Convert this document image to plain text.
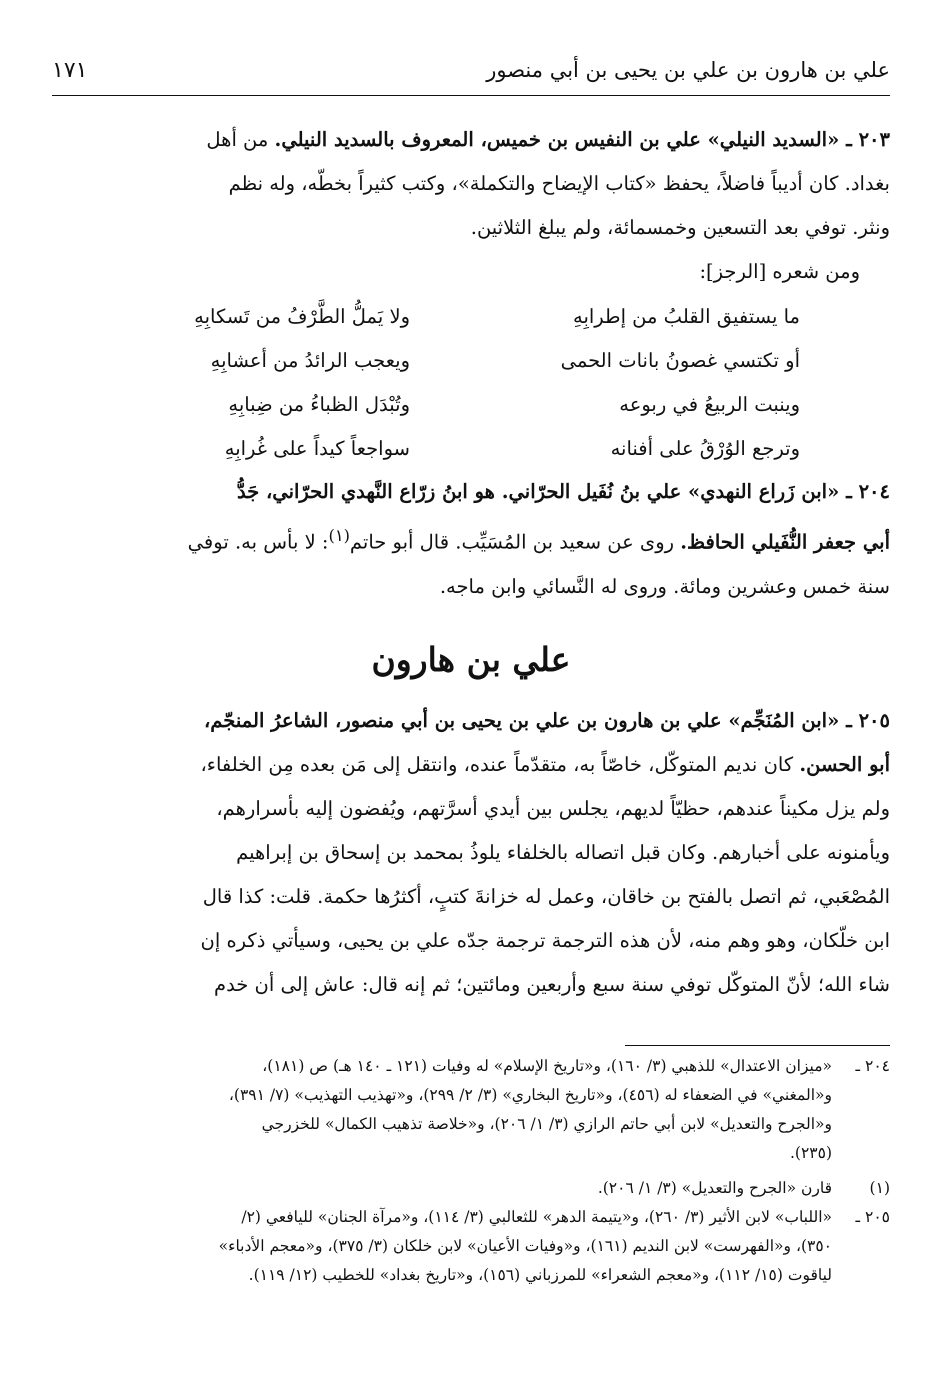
علي بن هارون بن علي بن يحيى بن أبي منصور
١٧١

٢٠٣ ـ «السديد النيلي» علي بن النفيس بن خميس، المعروف بالسديد النيلي. من أهل

بغداد. كان أديباً فاضلاً، يحفظ «كتاب الإيضاح والتكملة»، وكتب كثيراً بخطّه، وله نظم

ونثر. توفي بعد التسعين وخمسمائة، ولم يبلغ الثلاثين.

ومن شعره [الرجز]:

ما يستفيق القلبُ من إطرابِهِ
ولا يَملُّ الطَّرْفُ من تَسكابِهِ
أو تكتسي غصونُ بانات الحمى
ويعجب الرائدُ من أعشابِهِ
وينبت الربيعُ في ربوعه
وتُبْدَل الظباءُ من ضِبابِهِ
وترجع الوُرْقُ على أفنانه
سواجعاً كيداً على غُرابِهِ

٢٠٤ ـ «ابن زَراع النهدي» علي بنُ نُفَيل الحرّاني. هو ابنُ زرّاع النَّهدي الحرّاني، جَدُّ

أبي جعفر النُّفَيلي الحافظ. روى عن سعيد بن المُسَيِّب. قال أبو حاتم$^{(١)}$: لا بأس به. توفي

سنة خمس وعشرين ومائة. وروى له النَّسائي وابن ماجه.

علي بن هارون

٢٠٥ ـ «ابن المُنَجِّم» علي بن هارون بن علي بن يحيى بن أبي منصور، الشاعرُ المنجّم،

أبو الحسن. كان نديم المتوكّل، خاصّاً به، متقدّماً عنده، وانتقل إلى مَن بعده مِن الخلفاء،

ولم يزل مكيناً عندهم، حظيّاً لديهم، يجلس بين أيدي أسرَّتهم، ويُفضون إليه بأسرارهم،

ويأمنونه على أخبارهم. وكان قبل اتصاله بالخلفاء يلوذُ بمحمد بن إسحاق بن إبراهيم

المُصْعَبي، ثم اتصل بالفتح بن خاقان، وعمل له خزانةَ كتبٍ، أكثرُها حكمة. قلت: كذا قال

ابن خلّكان، وهو وهم منه، لأن هذه الترجمة ترجمة جدّه علي بن يحيى، وسيأتي ذكره إن

شاء الله؛ لأنّ المتوكّل توفي سنة سبع وأربعين ومائتين؛ ثم إنه قال: عاش إلى أن خدم

٢٠٤ ـ
«ميزان الاعتدال» للذهبي (٣/ ١٦٠)، و«تاريخ الإسلام» له وفيات (١٢١ ـ ١٤٠ هـ) ص (١٨١)،
و«المغني» في الضعفاء له (٤٥٦)، و«تاريخ البخاري» (٣/ ٢/ ٢٩٩)، و«تهذيب التهذيب» (٧/ ٣٩١)،
و«الجرح والتعديل» لابن أبي حاتم الرازي (٣/ ١/ ٢٠٦)، و«خلاصة تذهيب الكمال» للخزرجي
(٢٣٥).
(١)
قارن «الجرح والتعديل» (٣/ ١/ ٢٠٦).
٢٠٥ ـ
«اللباب» لابن الأثير (٣/ ٢٦٠)، و«يتيمة الدهر» للثعالبي (٣/ ١١٤)، و«مرآة الجنان» لليافعي (٢/
٣٥٠)، و«الفهرست» لابن النديم (١٦١)، و«وفيات الأعيان» لابن خلكان (٣/ ٣٧٥)، و«معجم الأدباء»
لياقوت (١٥/ ١١٢)، و«معجم الشعراء» للمرزباني (١٥٦)، و«تاريخ بغداد» للخطيب (١٢/ ١١٩).
